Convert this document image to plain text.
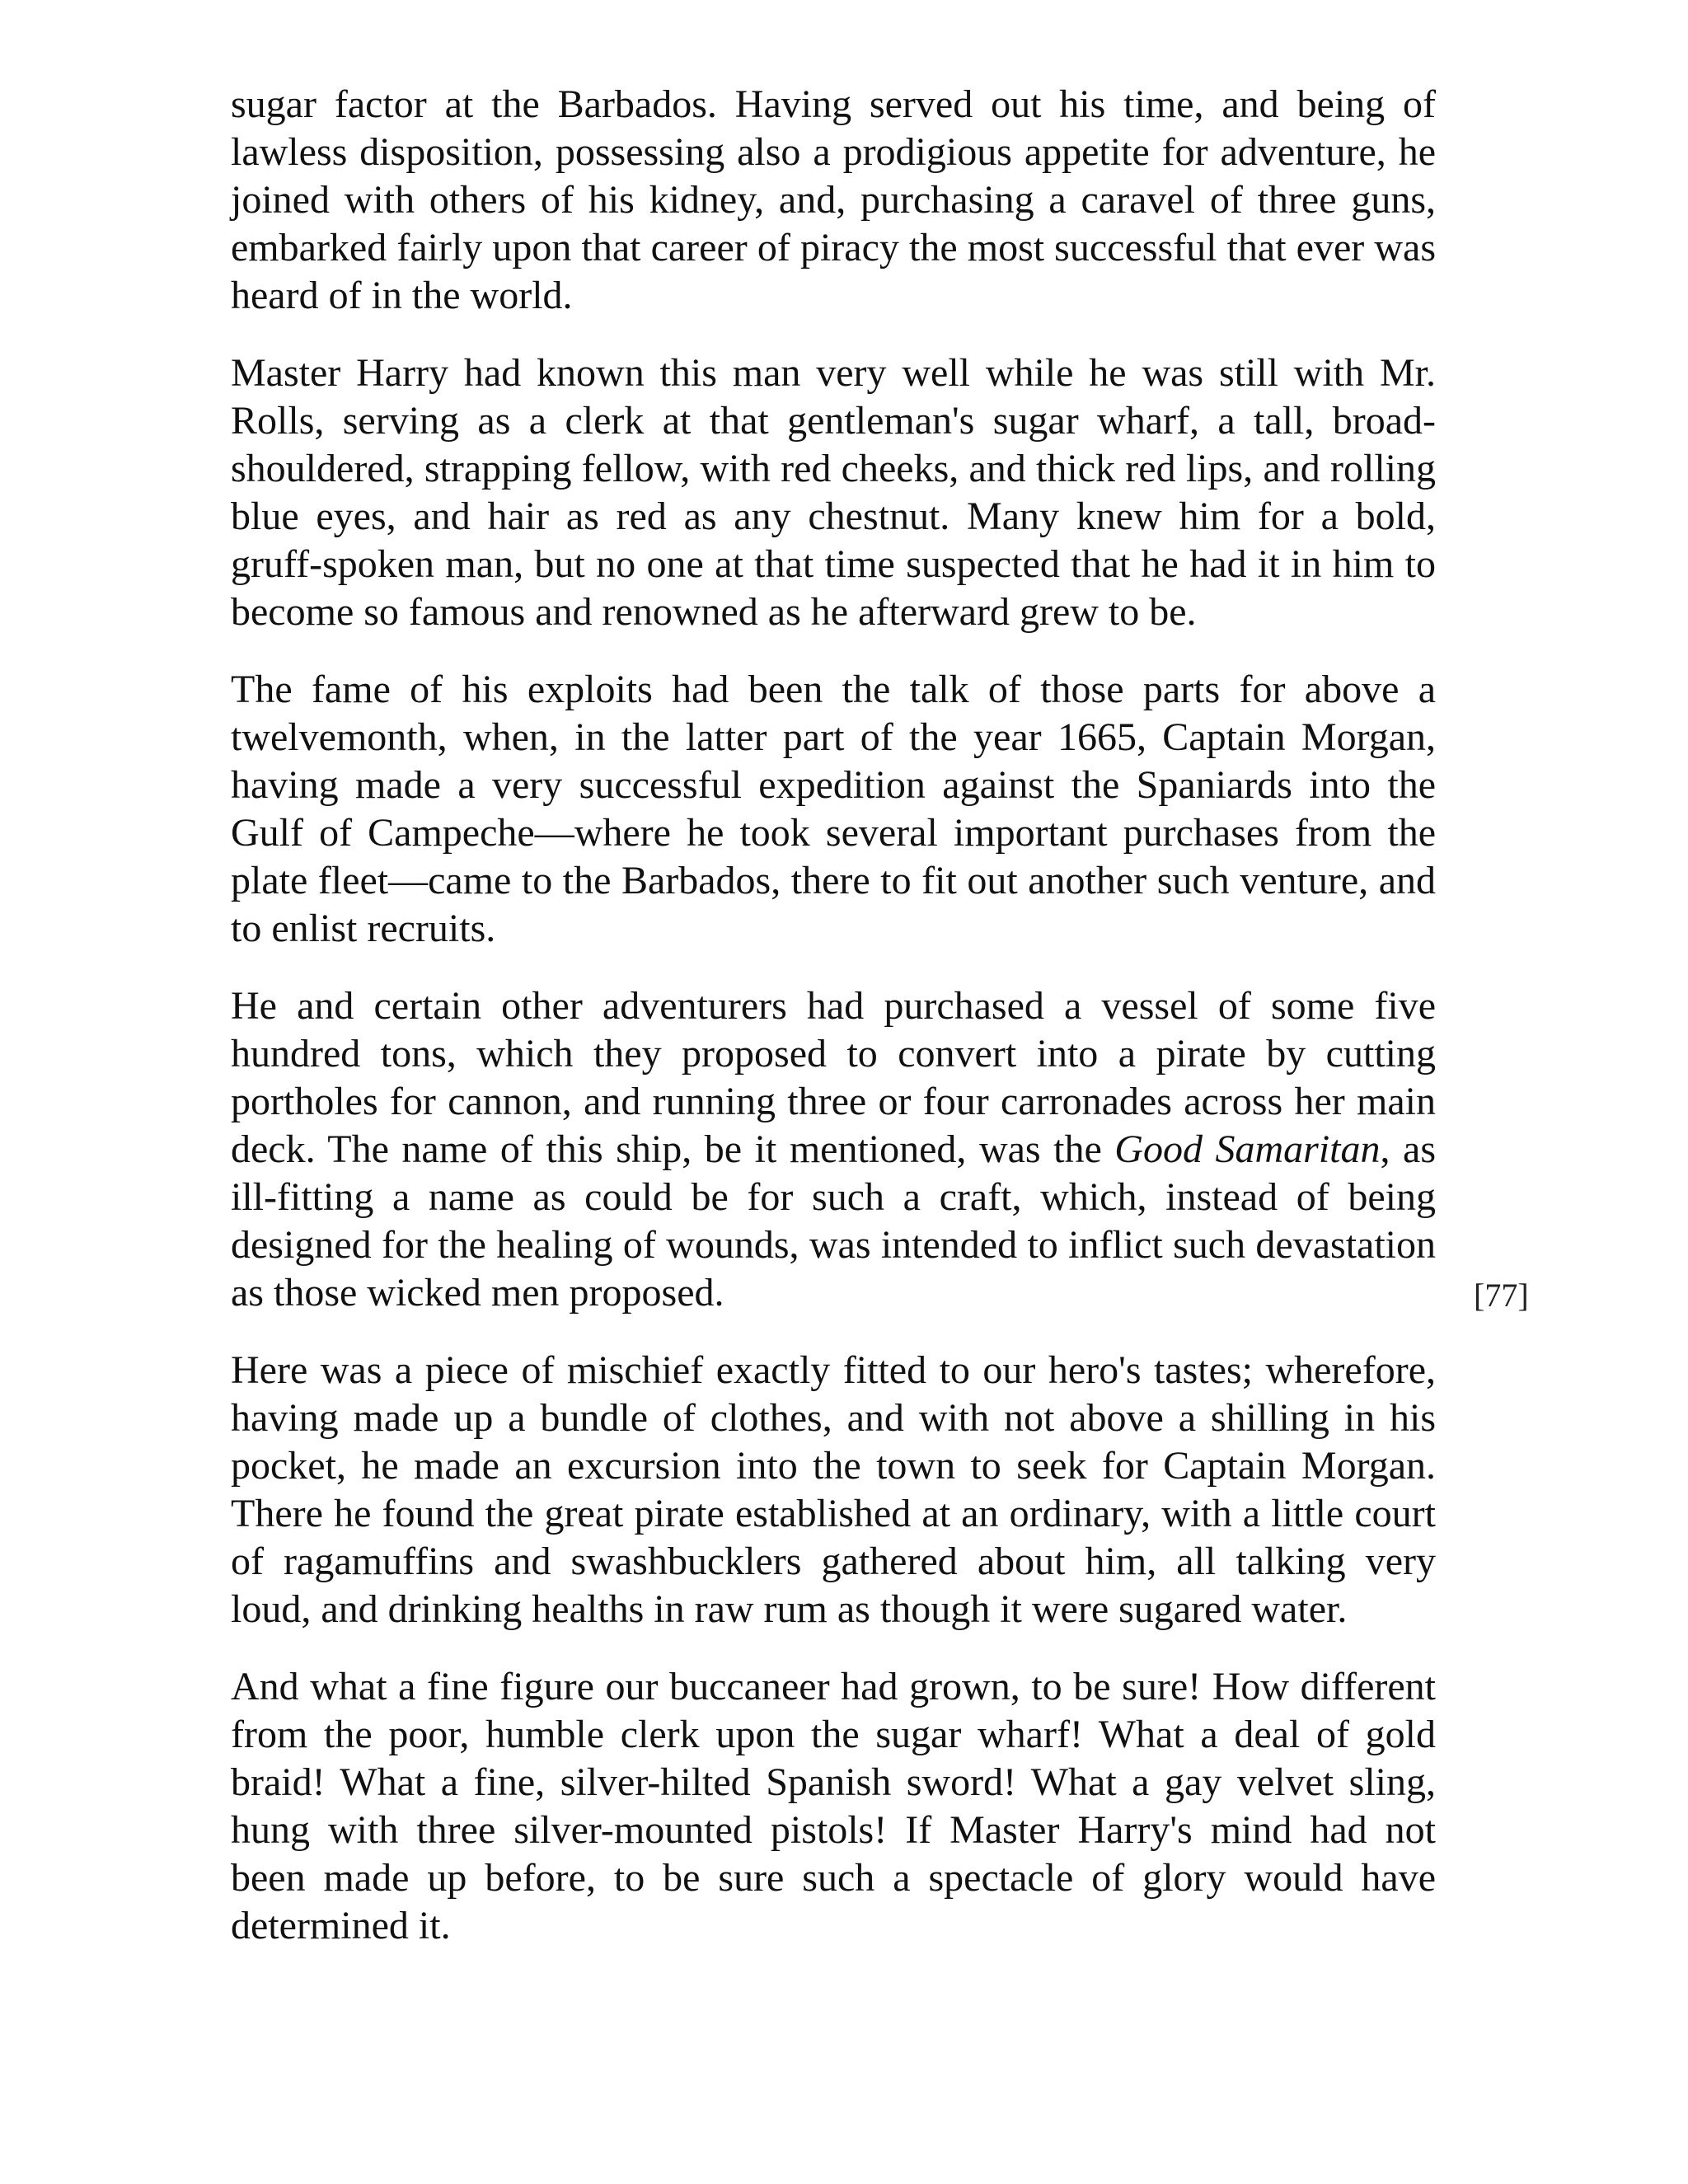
sugar factor at the Barbados. Having served out his time, and being of lawless disposition, possessing also a prodigious appetite for adventure, he joined with others of his kidney, and, purchasing a caravel of three guns, embarked fairly upon that career of piracy the most successful that ever was heard of in the world.

Master Harry had known this man very well while he was still with Mr. Rolls, serving as a clerk at that gentleman's sugar wharf, a tall, broad-shouldered, strapping fellow, with red cheeks, and thick red lips, and rolling blue eyes, and hair as red as any chestnut. Many knew him for a bold, gruff-spoken man, but no one at that time suspected that he had it in him to become so famous and renowned as he afterward grew to be.

The fame of his exploits had been the talk of those parts for above a twelvemonth, when, in the latter part of the year 1665, Captain Morgan, having made a very successful expedition against the Spaniards into the Gulf of Campeche—where he took several important purchases from the plate fleet—came to the Barbados, there to fit out another such venture, and to enlist recruits.

He and certain other adventurers had purchased a vessel of some five hundred tons, which they proposed to convert into a pirate by cutting portholes for cannon, and running three or four carronades across her main deck. The name of this ship, be it mentioned, was the Good Samaritan, as ill-fitting a name as could be for such a craft, which, instead of being designed for the healing of wounds, was intended to inflict such devastation as those wicked men proposed.

Here was a piece of mischief exactly fitted to our hero's tastes; wherefore, having made up a bundle of clothes, and with not above a shilling in his pocket, he made an excursion into the town to seek for Captain Morgan. There he found the great pirate established at an ordinary, with a little court of ragamuffins and swashbucklers gathered about him, all talking very loud, and drinking healths in raw rum as though it were sugared water.

And what a fine figure our buccaneer had grown, to be sure! How different from the poor, humble clerk upon the sugar wharf! What a deal of gold braid! What a fine, silver-hilted Spanish sword! What a gay velvet sling, hung with three silver-mounted pistols! If Master Harry's mind had not been made up before, to be sure such a spectacle of glory would have determined it.

[77]
